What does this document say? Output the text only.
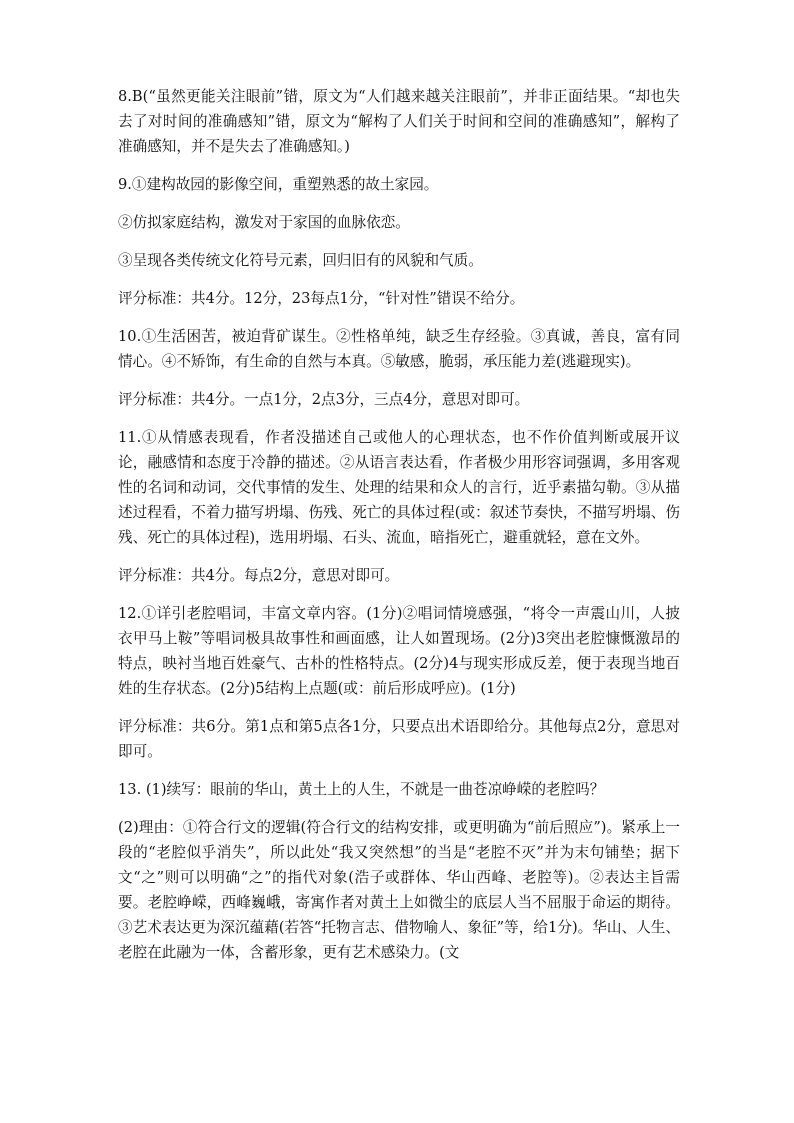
8.B(“虽然更能关注眼前”错，原文为“人们越来越关注眼前”，并非正面结果。“却也失去了对时间的准确感知”错，原文为“解构了人们关于时间和空间的准确感知”，解构了准确感知，并不是失去了准确感知。)

9.①建构故园的影像空间，重塑熟悉的故土家园。

②仿拟家庭结构，激发对于家国的血脉依恋。

③呈现各类传统文化符号元素，回归旧有的风貌和气质。

评分标准：共4分。12分，23每点1分，“针对性”错误不给分。

10.①生活困苦，被迫背矿谋生。②性格单纯，缺乏生存经验。③真诚，善良，富有同情心。④不矫饰，有生命的自然与本真。⑤敏感，脆弱，承压能力差(逃避现实)。

评分标准：共4分。一点1分，2点3分，三点4分，意思对即可。

11.①从情感表现看，作者没描述自己或他人的心理状态，也不作价值判断或展开议论，融感情和态度于冷静的描述。②从语言表达看，作者极少用形容词强调，多用客观性的名词和动词，交代事情的发生、处理的结果和众人的言行，近乎素描勾勒。③从描述过程看，不着力描写坍塌、伤残、死亡的具体过程(或：叙述节奏快，不描写坍塌、伤残、死亡的具体过程)，选用坍塌、石头、流血，暗指死亡，避重就轻，意在文外。

评分标准：共4分。每点2分，意思对即可。

12.①详引老腔唱词，丰富文章内容。(1分)②唱词情境感强，“将令一声震山川，人披衣甲马上鞍”等唱词极具故事性和画面感，让人如置现场。(2分)3突出老腔慷慨激昂的特点，映衬当地百姓豪气、古朴的性格特点。(2分)4与现实形成反差，便于表现当地百姓的生存状态。(2分)5结构上点题(或：前后形成呼应)。(1分)

评分标准：共6分。第1点和第5点各1分，只要点出术语即给分。其他每点2分，意思对即可。

13. (1)续写：眼前的华山，黄土上的人生，不就是一曲苍凉峥嵘的老腔吗？

(2)理由：①符合行文的逻辑(符合行文的结构安排，或更明确为“前后照应”)。紧承上一段的“老腔似乎消失”，所以此处“我又突然想”的当是“老腔不灭”并为末句铺垫；据下文“之”则可以明确“之”的指代对象(浩子或群体、华山西峰、老腔等)。②表达主旨需要。老腔峥嵘，西峰巍峨，寄寓作者对黄土上如微尘的底层人当不屈服于命运的期待。③艺术表达更为深沉蕴藉(若答“托物言志、借物喻人、象征”等，给1分)。华山、人生、老腔在此融为一体，含蓄形象，更有艺术感染力。(文
